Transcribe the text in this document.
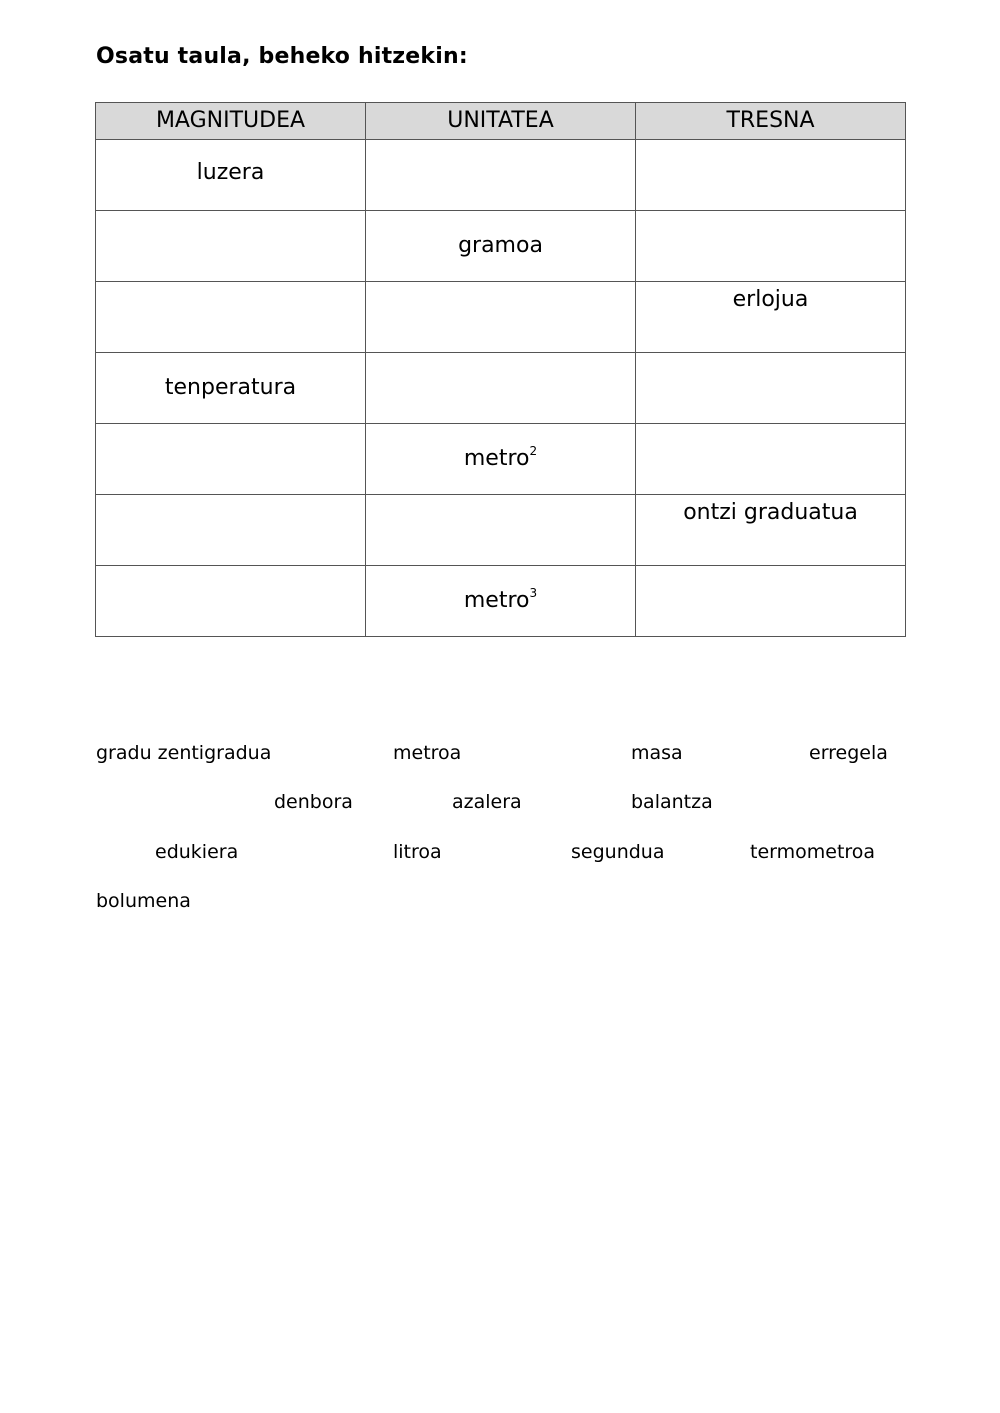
Osatu taula, beheko hitzekin:
MAGNITUDEA	UNITATEA	TRESNA

luzera		

	gramoa	

		erlojua

tenperatura		

	metro$^2$

		ontzi graduatua

	metro$^3$

gradu zentigradua	metroa	masa	erregela
denbora	azalera	balantza
edukiera	litroa	segundua	termometroa
bolumena
